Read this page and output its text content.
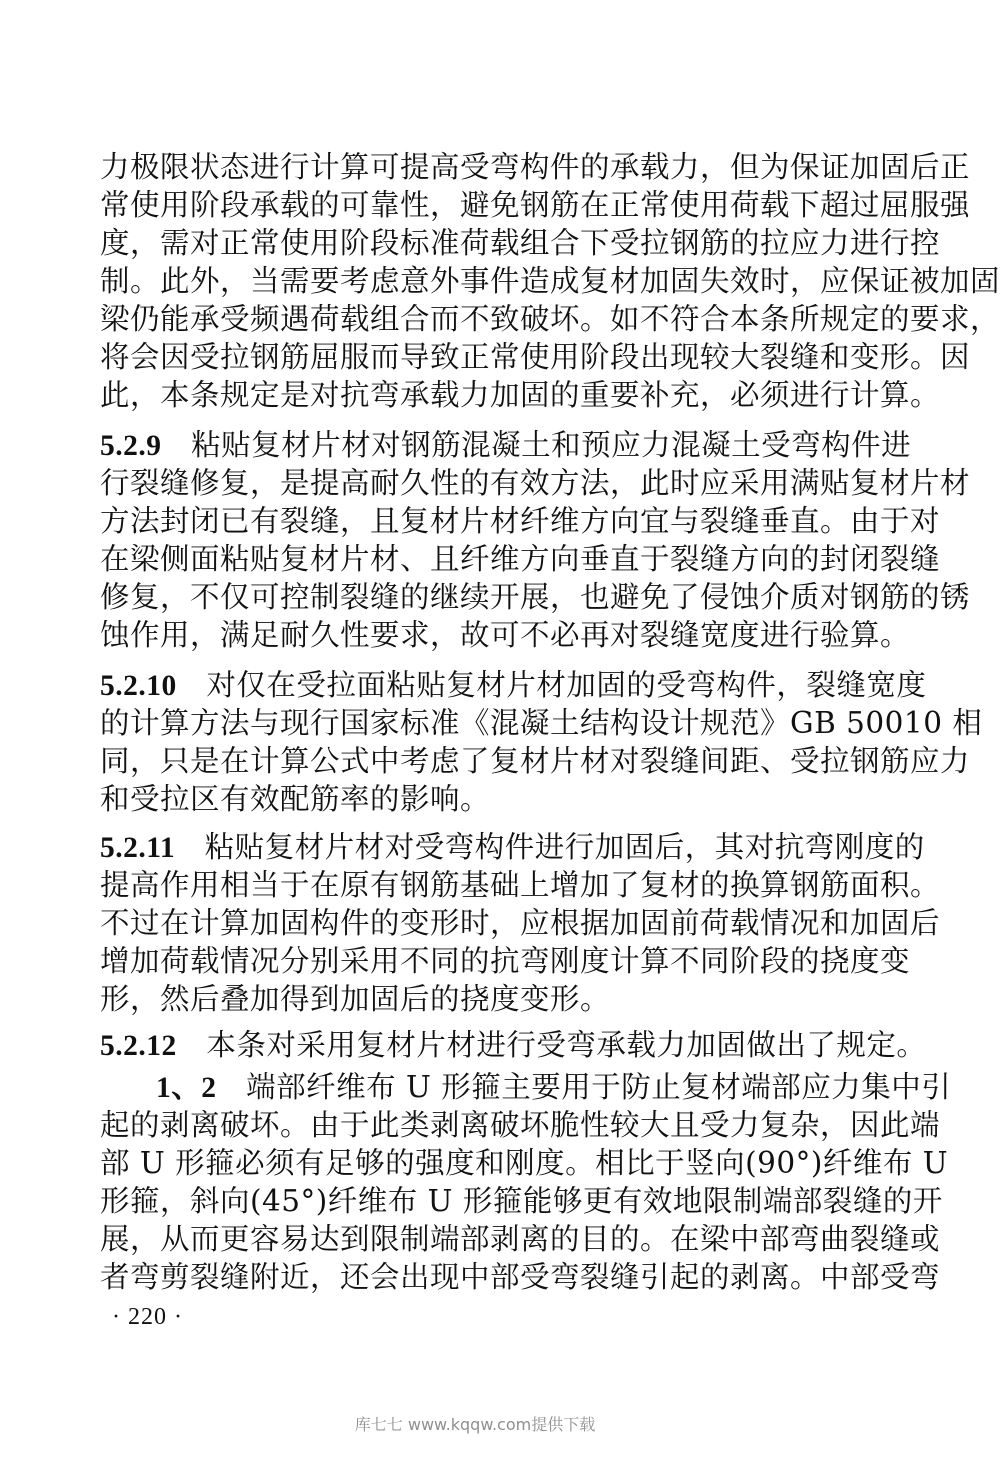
力极限状态进行计算可提高受弯构件的承载力，但为保证加固后正
常使用阶段承载的可靠性，避免钢筋在正常使用荷载下超过屈服强
度，需对正常使用阶段标准荷载组合下受拉钢筋的拉应力进行控
制。此外，当需要考虑意外事件造成复材加固失效时，应保证被加固
梁仍能承受频遇荷载组合而不致破坏。如不符合本条所规定的要求，
将会因受拉钢筋屈服而导致正常使用阶段出现较大裂缝和变形。因
此，本条规定是对抗弯承载力加固的重要补充，必须进行计算。
5.2.9 粘贴复材片材对钢筋混凝土和预应力混凝土受弯构件进
行裂缝修复，是提高耐久性的有效方法，此时应采用满贴复材片材
方法封闭已有裂缝，且复材片材纤维方向宜与裂缝垂直。由于对
在梁侧面粘贴复材片材、且纤维方向垂直于裂缝方向的封闭裂缝
修复，不仅可控制裂缝的继续开展，也避免了侵蚀介质对钢筋的锈
蚀作用，满足耐久性要求，故可不必再对裂缝宽度进行验算。
5.2.10 对仅在受拉面粘贴复材片材加固的受弯构件，裂缝宽度
的计算方法与现行国家标准《混凝土结构设计规范》GB 50010 相
同，只是在计算公式中考虑了复材片材对裂缝间距、受拉钢筋应力
和受拉区有效配筋率的影响。
5.2.11 粘贴复材片材对受弯构件进行加固后，其对抗弯刚度的
提高作用相当于在原有钢筋基础上增加了复材的换算钢筋面积。
不过在计算加固构件的变形时，应根据加固前荷载情况和加固后
增加荷载情况分别采用不同的抗弯刚度计算不同阶段的挠度变
形，然后叠加得到加固后的挠度变形。
5.2.12 本条对采用复材片材进行受弯承载力加固做出了规定。
1、2 端部纤维布 U 形箍主要用于防止复材端部应力集中引
起的剥离破坏。由于此类剥离破坏脆性较大且受力复杂，因此端
部 U 形箍必须有足够的强度和刚度。相比于竖向(90°)纤维布 U
形箍，斜向(45°)纤维布 U 形箍能够更有效地限制端部裂缝的开
展，从而更容易达到限制端部剥离的目的。在梁中部弯曲裂缝或
者弯剪裂缝附近，还会出现中部受弯裂缝引起的剥离。中部受弯
· 220 ·
库七七 www.kqqw.com提供下载
